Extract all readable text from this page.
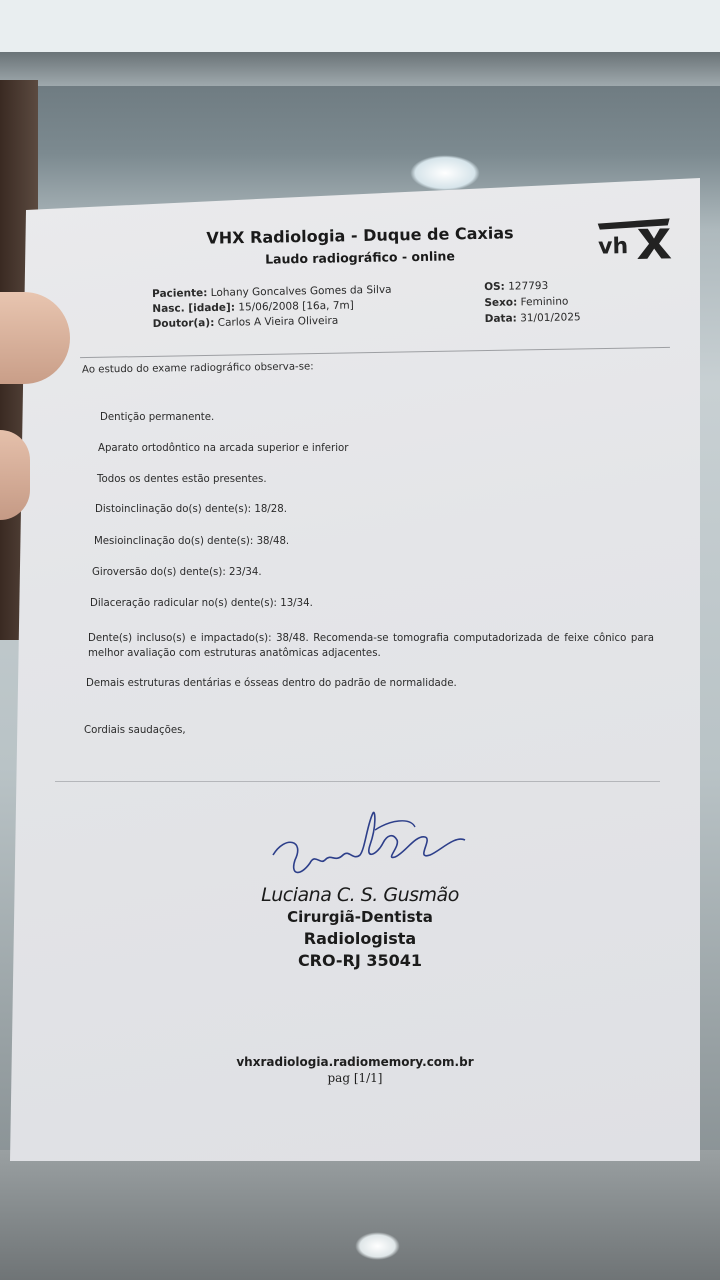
VHX Radiologia - Duque de Caxias
Laudo radiográfico - online	vh
Paciente: Lohany Goncalves Gomes da Silva
Nasc. [idade]: 15/06/2008 [16a, 7m]
Doutor(a): Carlos A Vieira Oliveira
OS: 127793
Sexo: Feminino
Data: 31/01/2025
Ao estudo do exame radiográfico observa-se:
Dentição permanente.
Aparato ortodôntico na arcada superior e inferior
Todos os dentes estão presentes.
Distoinclinação do(s) dente(s): 18/28.
Mesioinclinação do(s) dente(s): 38/48.
Giroversão do(s) dente(s): 23/34.
Dilaceração radicular no(s) dente(s): 13/34.
Dente(s) incluso(s) e impactado(s): 38/48. Recomenda-se tomografia computadorizada de feixe cônico para melhor avaliação com estruturas anatômicas adjacentes.
Demais estruturas dentárias e ósseas dentro do padrão de normalidade.
Cordiais saudações,
Luciana C. S. Gusmão
Cirurgiã-Dentista
Radiologista
CRO-RJ 35041
vhxradiologia.radiomemory.com.br
pag [1/1]
